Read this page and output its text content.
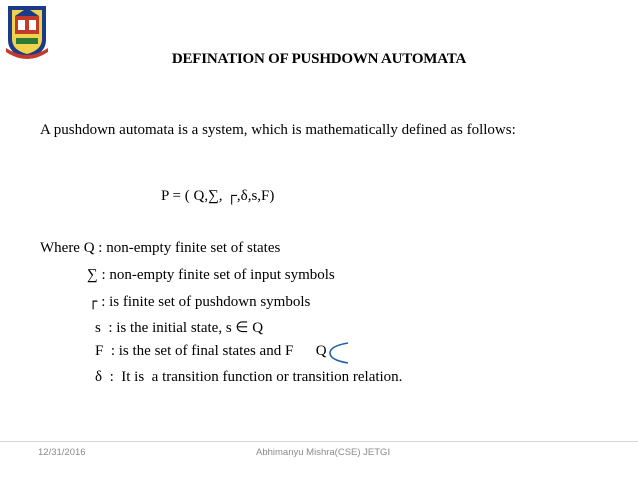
DEFINATION OF PUSHDOWN AUTOMATA
A pushdown automata is a system, which is mathematically defined as follows:
P = ( Q,∑, ┌,δ,s,F)
Where Q : non-empty finite set of states
∑ : non-empty finite set of input symbols
┌ : is finite set of pushdown symbols
s  : is the initial state, s ∈ Q
F  : is the set of final states and F      Q
δ  :  It is  a transition function or transition relation.
12/31/2016	Abhimanyu Mishra(CSE) JETGI
